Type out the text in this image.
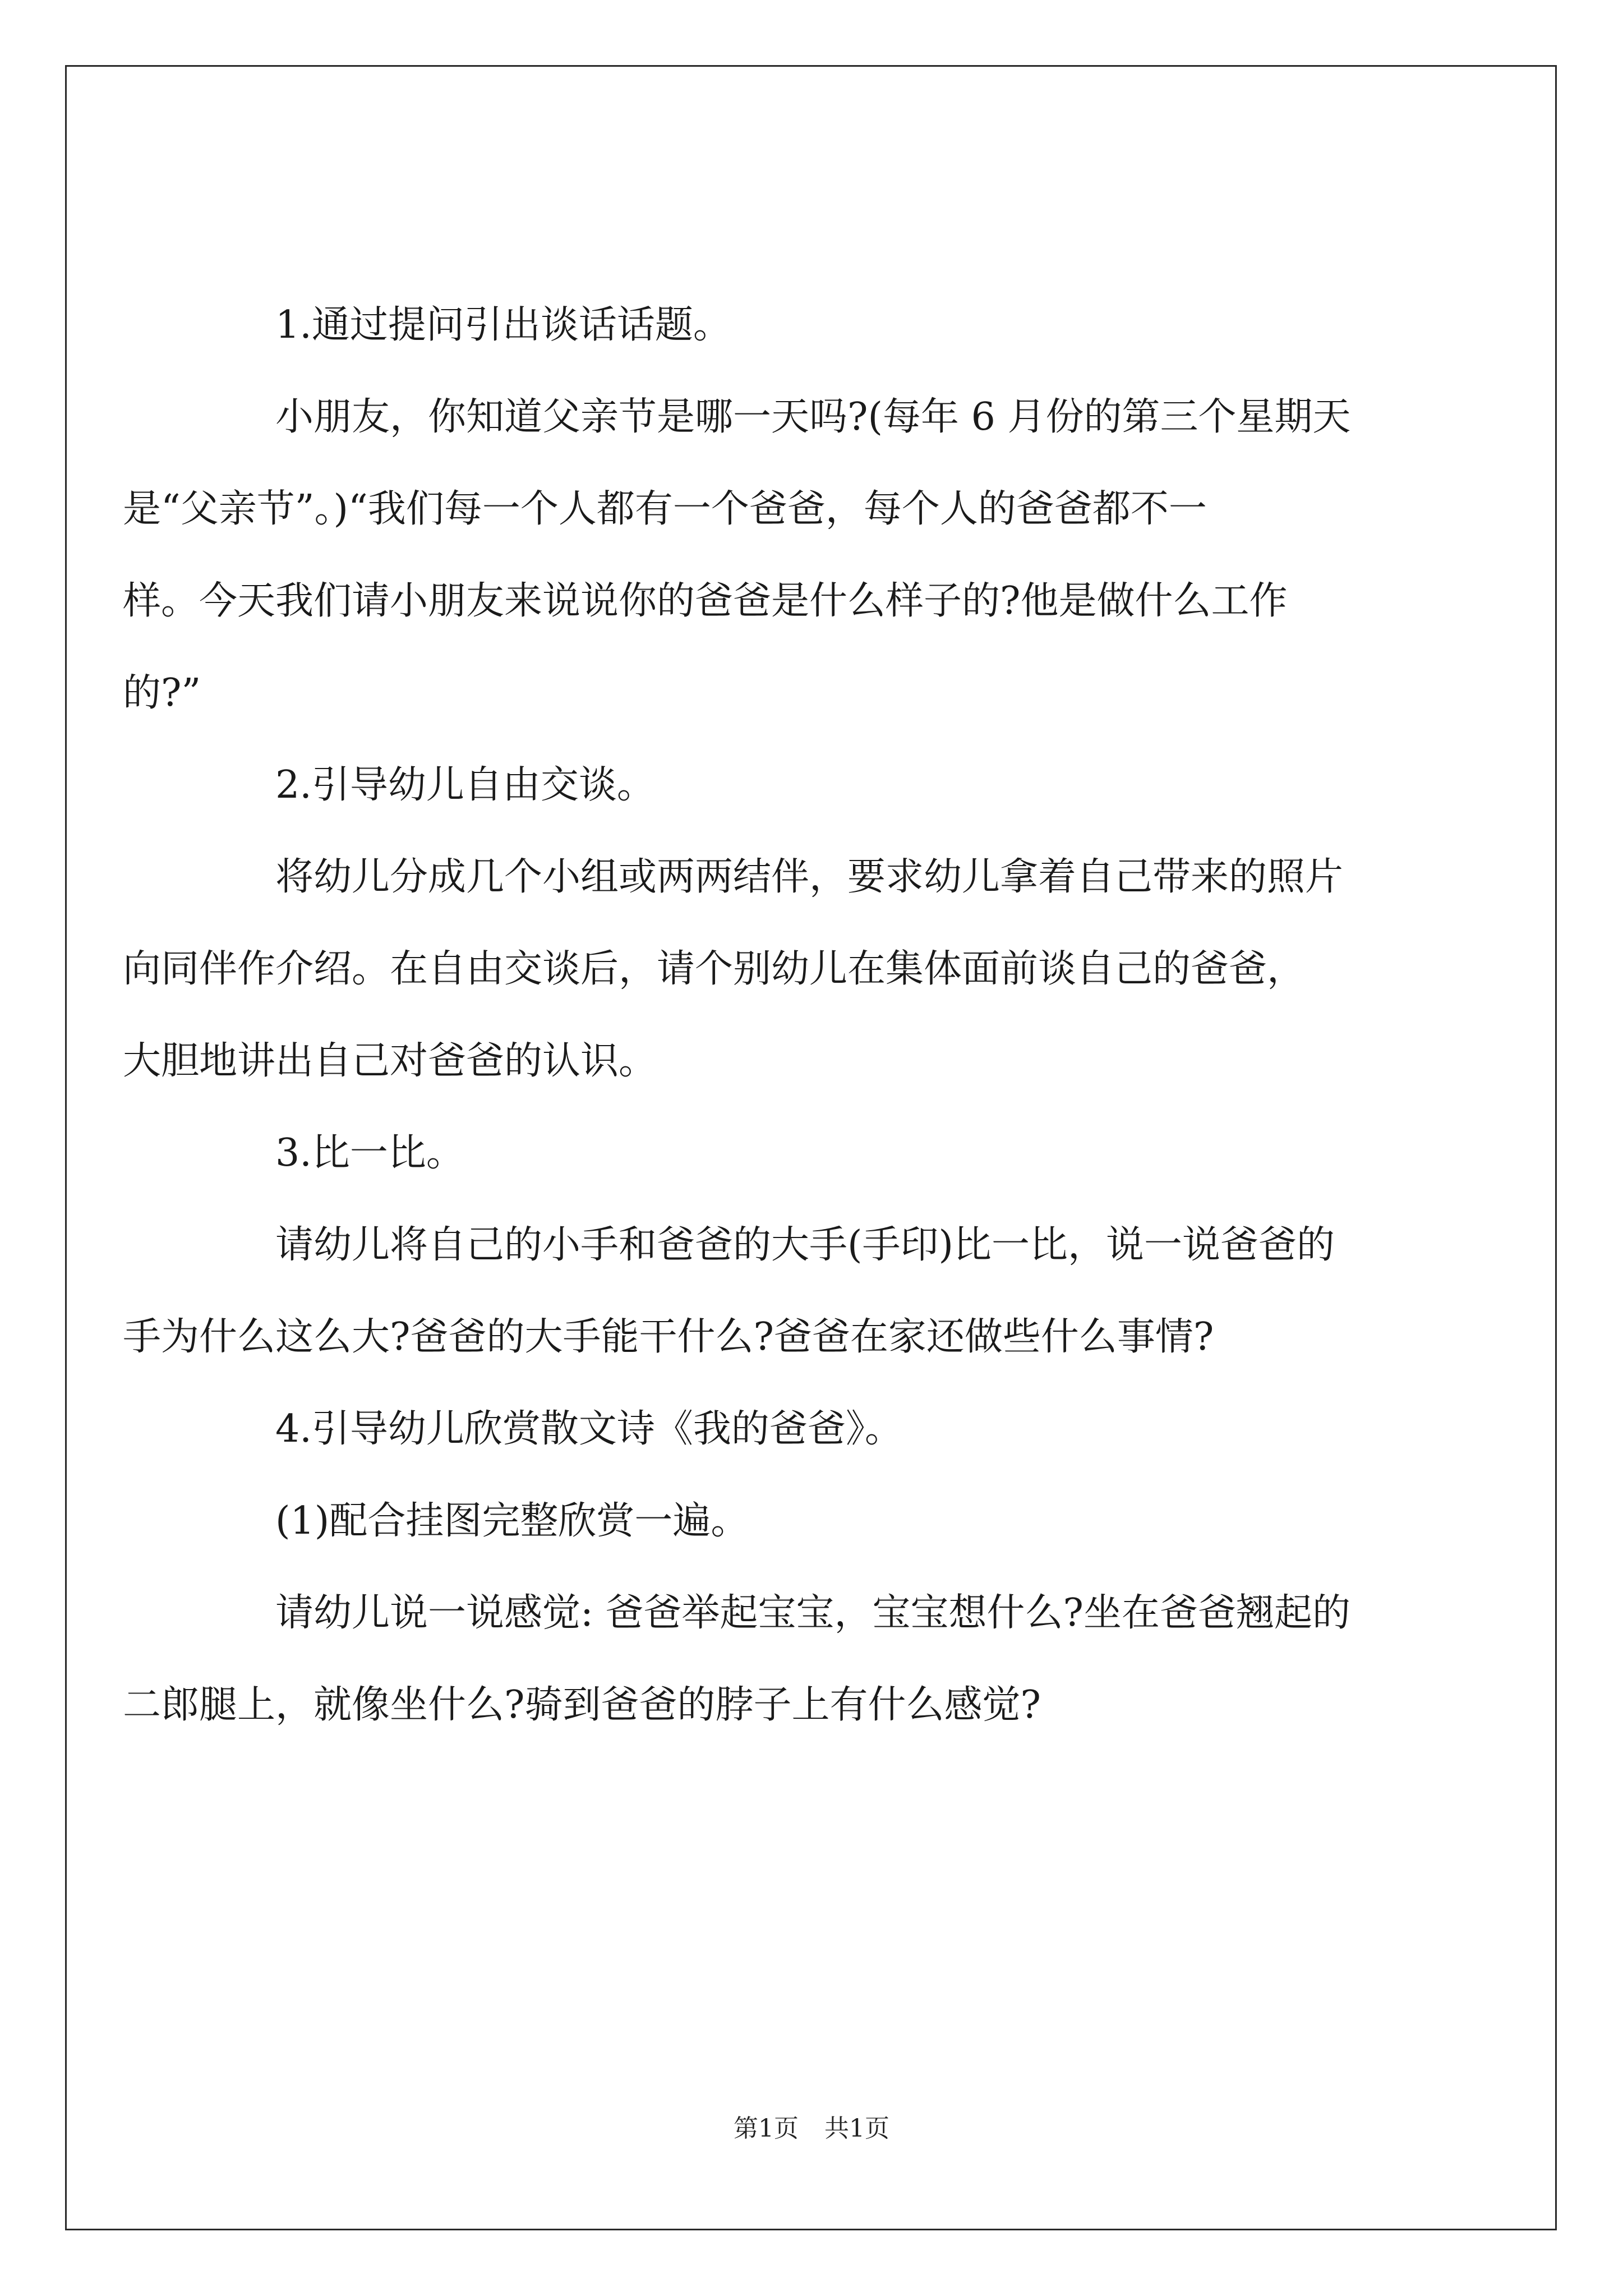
1.通过提问引出谈话话题。

小朋友，你知道父亲节是哪一天吗?(每年 6 月份的第三个星期天
是“父亲节”。)“我们每一个人都有一个爸爸，每个人的爸爸都不一
样。今天我们请小朋友来说说你的爸爸是什么样子的?他是做什么工作
的?”

2.引导幼儿自由交谈。

将幼儿分成几个小组或两两结伴，要求幼儿拿着自己带来的照片
向同伴作介绍。在自由交谈后，请个别幼儿在集体面前谈自己的爸爸，
大胆地讲出自己对爸爸的认识。

3.比一比。

请幼儿将自己的小手和爸爸的大手(手印)比一比，说一说爸爸的
手为什么这么大?爸爸的大手能干什么?爸爸在家还做些什么事情?

4.引导幼儿欣赏散文诗《我的爸爸》。

(1)配合挂图完整欣赏一遍。

请幼儿说一说感觉: 爸爸举起宝宝，宝宝想什么?坐在爸爸翘起的
二郎腿上，就像坐什么?骑到爸爸的脖子上有什么感觉?

第1页 共1页
